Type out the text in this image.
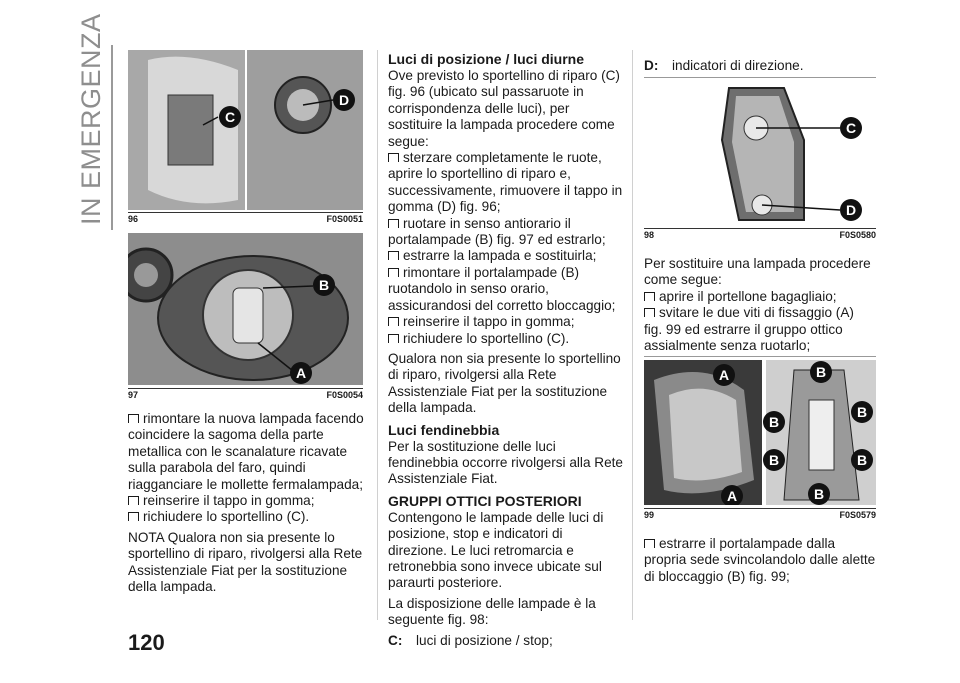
IN EMERGENZA
120
C
D
96	F0S0051
B
A
97	F0S0054

rimontare la nuova lampada facendo coincidere la sagoma della parte metallica con le scanalature ricavate sulla parabola del faro, quindi riagganciare le mollette fermalampada;

reinserire il tappo in gomma;

richiudere lo sportellino (C).

NOTA Qualora non sia presente lo sportellino di riparo, rivolgersi alla Rete Assistenziale Fiat per la sostituzione della lampada.

Luci di posizione / luci diurne

Ove previsto lo sportellino di riparo (C) fig. 96 (ubicato sul passaruote in corrispondenza delle luci), per sostituire la lampada procedere come segue:

sterzare completamente le ruote, aprire lo sportellino di riparo e, successivamente, rimuovere il tappo in gomma (D) fig. 96;

ruotare in senso antiorario il portalampade (B) fig. 97 ed estrarlo;

estrarre la lampada e sostituirla;

rimontare il portalampade (B) ruotandolo in senso orario, assicurandosi del corretto bloccaggio;

reinserire il tappo in gomma;

richiudere lo sportellino (C).

Qualora non sia presente lo sportellino di riparo, rivolgersi alla Rete Assistenziale Fiat per la sostituzione della lampada.

Luci fendinebbia

Per la sostituzione delle luci fendinebbia occorre rivolgersi alla Rete Assistenziale Fiat.

GRUPPI OTTICI POSTERIORI

Contengono le lampade delle luci di posizione, stop e indicatori di direzione. Le luci retromarcia e retronebbia sono invece ubicate sul paraurti posteriore.

La disposizione delle lampade è la seguente fig. 98:

C:	luci di posizione / stop;
D:	indicatori di direzione.
C
D
98	F0S0580

Per sostituire una lampada procedere come segue:

aprire il portellone bagagliaio;

svitare le due viti di fissaggio (A)

fig. 99 ed estrarre il gruppo ottico assialmente senza ruotarlo;

A
A
B
B
B
B	B
B
99	F0S0579

estrarre il portalampade dalla propria sede svincolandolo dalle alette di bloccaggio (B) fig. 99;
